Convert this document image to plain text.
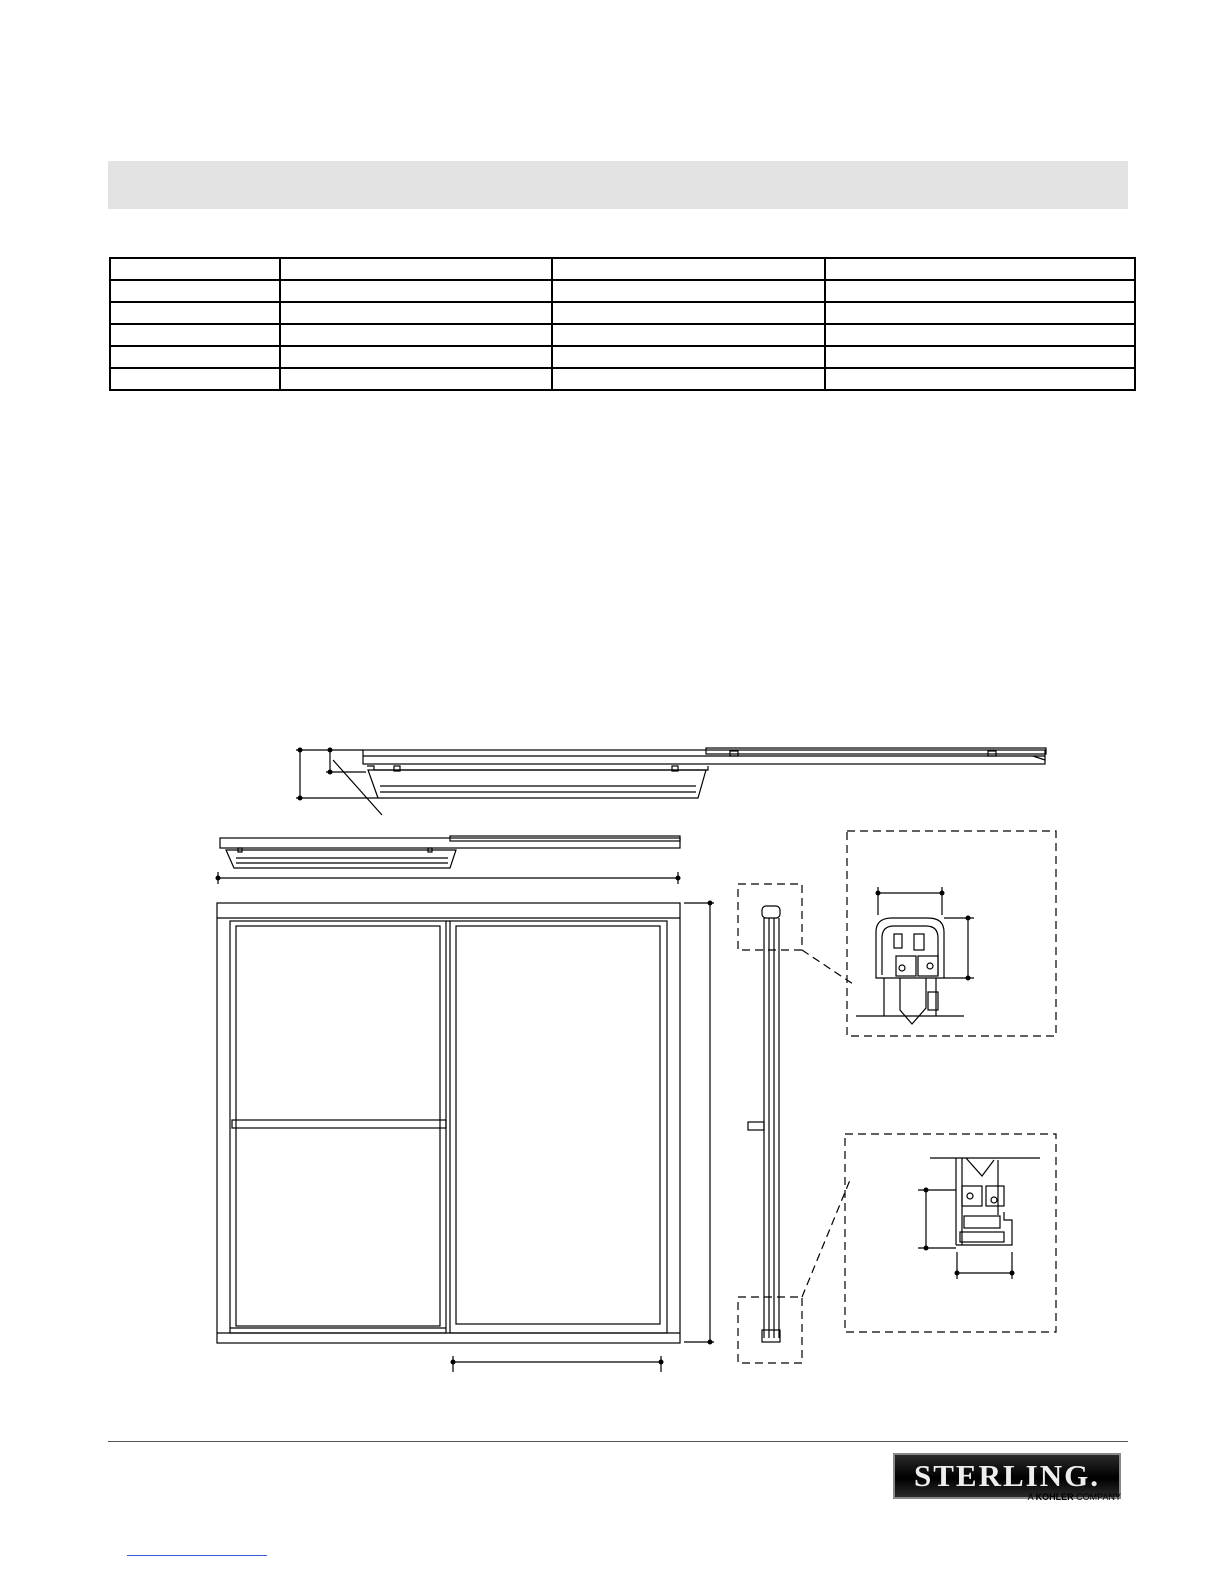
STERLING.
A KOHLER COMPANY
